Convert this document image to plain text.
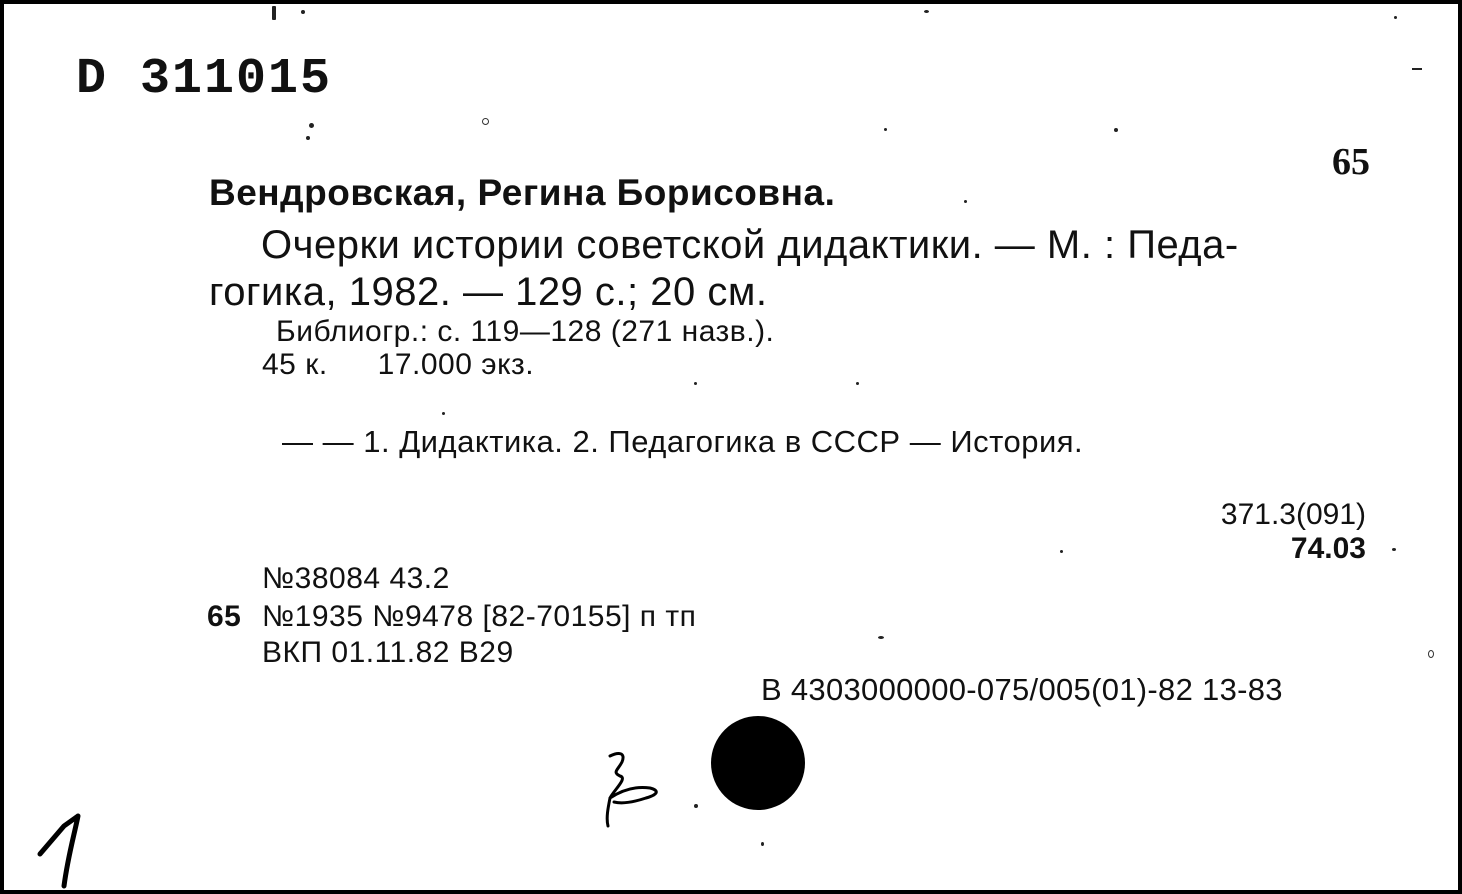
D 311015
65
Вендровская, Регина Борисовна.
Очерки истории советской дидактики. — М. : Педа-
гогика, 1982. — 129 с.; 20 см.
Библиогр.: с. 119—128 (271 назв.).
45 к. 17.000 экз.
— — 1. Дидактика. 2. Педагогика в СССР — История.
371.3(091)
74.03
№38084 43.2
65 №1935 №9478 [82-70155] п тп
ВКП 01.11.82 В29
В 4303000000-075/005(01)-82 13-83
